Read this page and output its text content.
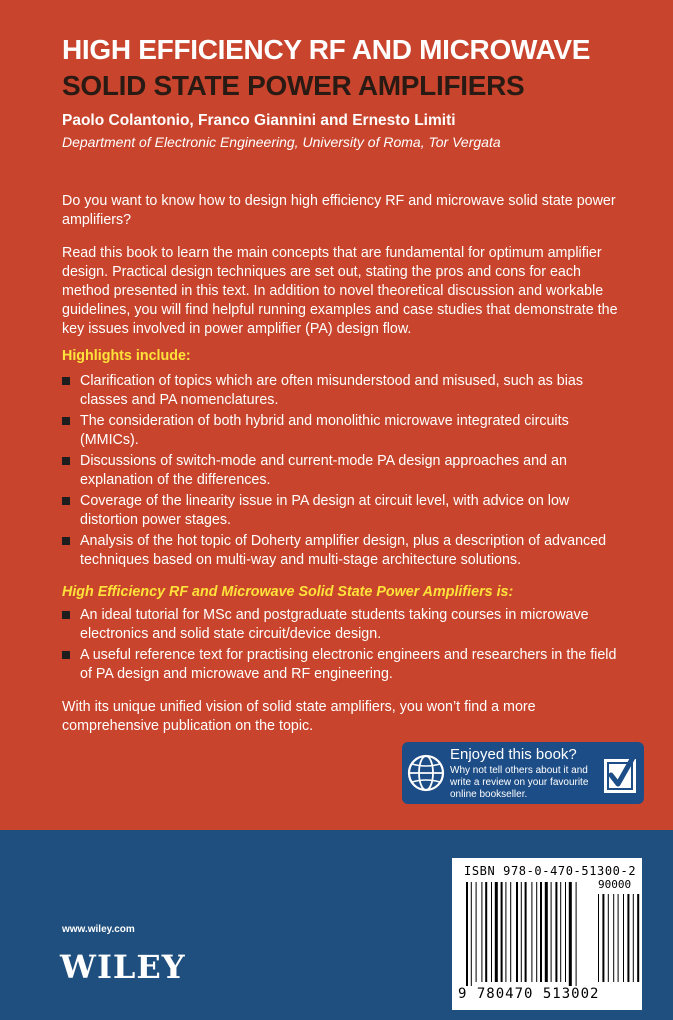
HIGH EFFICIENCY RF AND MICROWAVE
SOLID STATE POWER AMPLIFIERS
Paolo Colantonio, Franco Giannini and Ernesto Limiti
Department of Electronic Engineering, University of Roma, Tor Vergata
Do you want to know how to design high efficiency RF and microwave solid state power amplifiers?
Read this book to learn the main concepts that are fundamental for optimum amplifier design. Practical design techniques are set out, stating the pros and cons for each method presented in this text. In addition to novel theoretical discussion and workable guidelines, you will find helpful running examples and case studies that demonstrate the key issues involved in power amplifier (PA) design flow.
Highlights include:
Clarification of topics which are often misunderstood and misused, such as bias classes and PA nomenclatures.
The consideration of both hybrid and monolithic microwave integrated circuits (MMICs).
Discussions of switch-mode and current-mode PA design approaches and an explanation of the differences.
Coverage of the linearity issue in PA design at circuit level, with advice on low distortion power stages.
Analysis of the hot topic of Doherty amplifier design, plus a description of advanced techniques based on multi-way and multi-stage architecture solutions.
High Efficiency RF and Microwave Solid State Power Amplifiers is:
An ideal tutorial for MSc and postgraduate students taking courses in microwave electronics and solid state circuit/device design.
A useful reference text for practising electronic engineers and researchers in the field of PA design and microwave and RF engineering.
With its unique unified vision of solid state amplifiers, you won’t find a more comprehensive publication on the topic.
Enjoyed this book?
Why not tell others about it and write a review on your favourite online bookseller.
www.wiley.com
WILEY
ISBN 978-0-470-51300-2
90000
9 780470 513002
